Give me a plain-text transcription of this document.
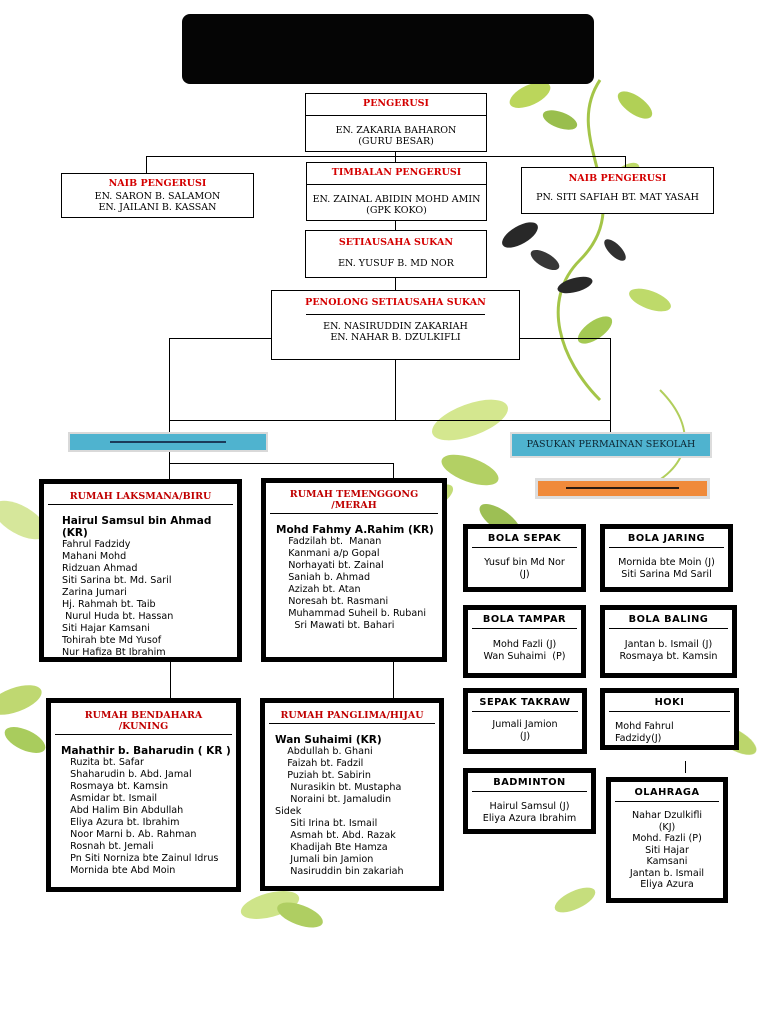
PENGERUSI
EN. ZAKARIA BAHARON
(GURU BESAR)
NAIB PENGERUSI
EN. SARON B. SALAMON
EN. JAILANI B. KASSAN
TIMBALAN PENGERUSI
EN. ZAINAL ABIDIN MOHD AMIN
(GPK KOKO)
NAIB PENGERUSI
PN. SITI SAFIAH BT. MAT YASAH
SETIAUSAHA SUKAN
EN. YUSUF B. MD NOR
PENOLONG SETIAUSAHA SUKAN
EN. NASIRUDDIN ZAKARIAH
EN. NAHAR B. DZULKIFLI
PASUKAN PERMAINAN SEKOLAH
RUMAH LAKSMANA/BIRU
Hairul Samsul bin Ahmad (KR)
Fahrul Fadzidy
Mahani Mohd
Ridzuan Ahmad
Siti Sarina bt. Md. Saril
Zarina Jumari
Hj. Rahmah bt. Taib
Nurul Huda bt. Hassan
Siti Hajar Kamsani
Tohirah bte Md Yusof
Nur Hafiza Bt Ibrahim
RUMAH TEMENGGONG /MERAH
Mohd Fahmy A.Rahim (KR)
Fadzilah bt.  Manan
Kanmani a/p Gopal
Norhayati bt. Zainal
Saniah b. Ahmad
Azizah bt. Atan
Noresah bt. Rasmani
Muhammad Suheil b. Rubani
Sri Mawati bt. Bahari
RUMAH BENDAHARA /KUNING
Mahathir b. Baharudin ( KR )
Ruzita bt. Safar
Shaharudin b. Abd. Jamal
Rosmaya bt. Kamsin
Asmidar bt. Ismail
Abd Halim Bin Abdullah
Eliya Azura bt. Ibrahim
Noor Marni b. Ab. Rahman
Rosnah bt. Jemali
Pn Siti Norniza bte Zainul Idrus
Mornida bte Abd Moin
RUMAH PANGLIMA/HIJAU
Wan Suhaimi (KR)
Abdullah b. Ghani
Faizah bt. Fadzil
Puziah bt. Sabirin
Nurasikin bt. Mustapha
Noraini bt. Jamaludin
Sidek
Siti Irina bt. Ismail
Asmah bt. Abd. Razak
Khadijah Bte Hamza
Jumali bin Jamion
Nasiruddin bin zakariah
BOLA SEPAK
Yusuf bin Md Nor
(J)
BOLA JARING
Mornida bte Moin (J)
Siti Sarina Md Saril
BOLA TAMPAR
Mohd Fazli (J)
Wan Suhaimi  (P)
BOLA BALING
Jantan b. Ismail (J)
Rosmaya bt. Kamsin
SEPAK TAKRAW
Jumali Jamion
(J)
HOKI
Mohd Fahrul
Fadzidy(J)
BADMINTON
Hairul Samsul (J)
Eliya Azura Ibrahim
OLAHRAGA
Nahar Dzulkifli
(KJ)
Mohd. Fazli (P)
Siti Hajar
Kamsani
Jantan b. Ismail
Eliya Azura
